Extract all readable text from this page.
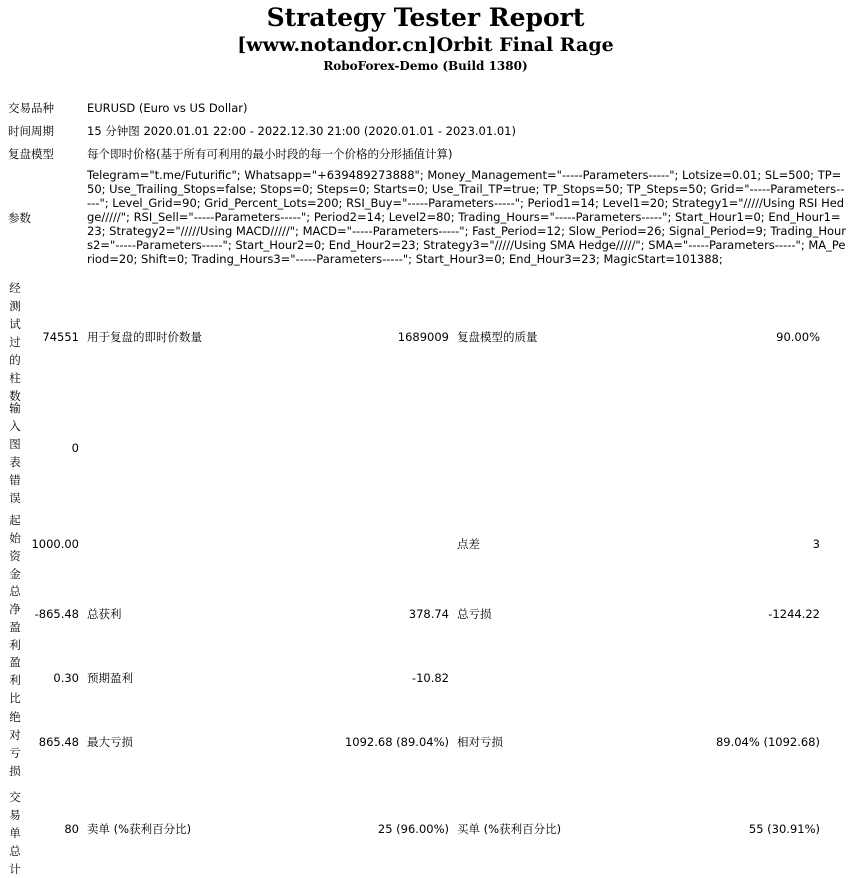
Strategy Tester Report
[www.notandor.cn]Orbit Final Rage
RoboForex-Demo (Build 1380)
交易品种	EURUSD (Euro vs US Dollar)
时间周期	15 分钟图 2020.01.01 22:00 - 2022.12.30 21:00 (2020.01.01 - 2023.01.01)
复盘模型	每个即时价格(基于所有可利用的最小时段的每一个价格的分形插值计算)
参数
Telegram="t.me/Futurific"; Whatsapp="+639489273888"; Money_Management="-----Parameters-----"; Lotsize=0.01; SL=500; TP=50; Use_Trailing_Stops=false; Stops=0; Steps=0; Starts=0; Use_Trail_TP=true; TP_Stops=50; TP_Steps=50; Grid="-----Parameters-----"; Level_Grid=90; Grid_Percent_Lots=200; RSI_Buy="-----Parameters-----"; Period1=14; Level1=20; Strategy1="/////Using RSI Hedge/////"; RSI_Sell="-----Parameters-----"; Period2=14; Level2=80; Trading_Hours="-----Parameters-----"; Start_Hour1=0; End_Hour1=23; Strategy2="/////Using MACD/////"; MACD="-----Parameters-----"; Fast_Period=12; Slow_Period=26; Signal_Period=9; Trading_Hours2="-----Parameters-----"; Start_Hour2=0; End_Hour2=23; Strategy3="/////Using SMA Hedge/////"; SMA="-----Parameters-----"; MA_Period=20; Shift=0; Trading_Hours3="-----Parameters-----"; Start_Hour3=0; End_Hour3=23; MagicStart=101388;
经测试过的柱数
74551 用于复盘的即时价数量	1689009 复盘模型的质量	90.00%
输入图表错误
0
起始资金
1000.00	点差	3
总净盈利
-865.48 总获利	378.74 总亏损	-1244.22
盈利比
0.30 预期盈利	-10.82
绝对亏损
865.48 最大亏损	1092.68 (89.04%) 相对亏损	89.04% (1092.68)
交易单总计
80 卖单 (%获利百分比)	25 (96.00%) 买单 (%获利百分比)	55 (30.91%)
